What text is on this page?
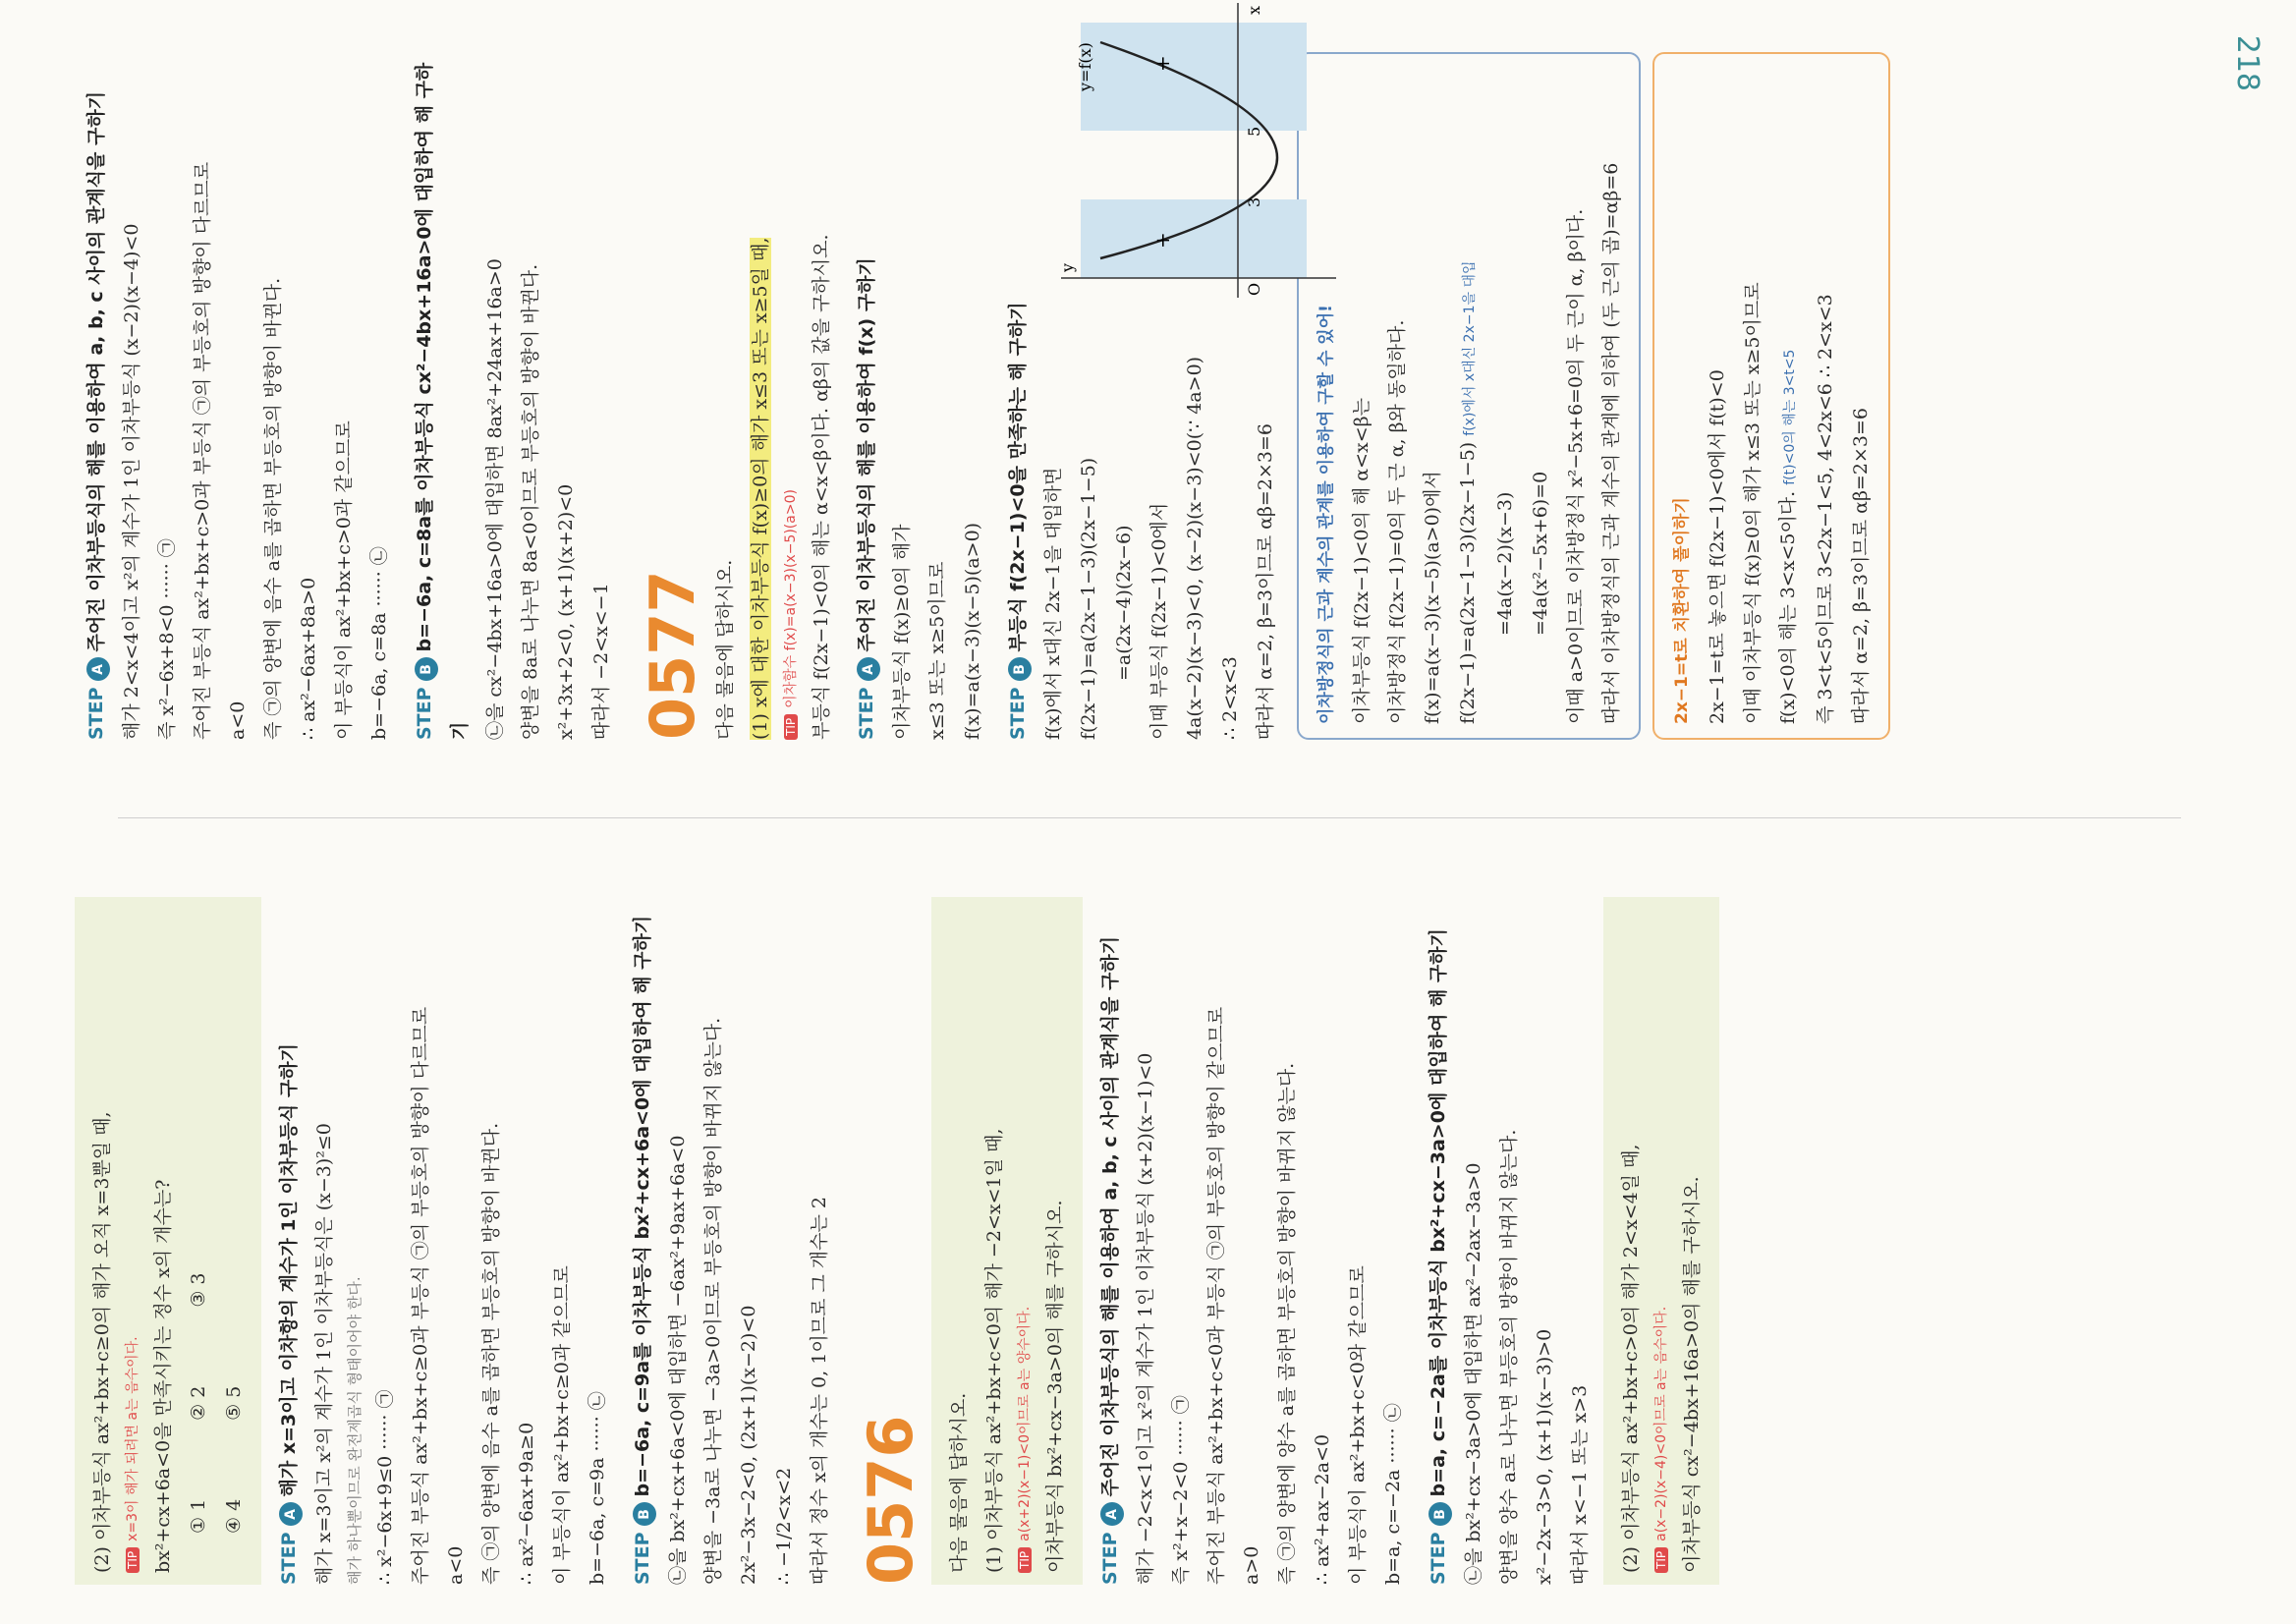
218
(2) 이차부등식 ax²+bx+c≥0의 해가 오직 x=3뿐일 때,	TIPx=3이 해가 되려면 a는 음수이다. bx²+cx+6a<0을 만족시키는 정수 x의 개수는? ① 1
② 2
③ 3
④ 4
⑤ 5
STEPA해가 x=3이고 이차항의 계수가 1인 이차부등식 구하기 해가 x=3이고 x²의 계수가 1인 이차부등식은 (x−3)²≤0 해가 하나뿐이므로 완전제곱식 형태이어야 한다. ∴ x²−6x+9≤0 ······ ㉠ 주어진 부등식 ax²+bx+c≥0과 부등식 ㉠의 부등호의 방향이 다르므로 a<0 즉 ㉠의 양변에 음수 a를 곱하면 부등호의 방향이 바뀐다. ∴ ax²−6ax+9a≥0 이 부등식이 ax²+bx+c≥0과 같으므로 b=−6a, c=9a ······ ㉡	STEPBb=−6a, c=9a를 이차부등식 bx²+cx+6a<0에 대입하여 해 구하기 ㉡을 bx²+cx+6a<0에 대입하면 −6ax²+9ax+6a<0 양변을 −3a로 나누면 −3a>0이므로 부등호의 방향이 바뀌지 않는다. 2x²−3x−2<0, (2x+1)(x−2)<0 ∴ −1/2<x<2 따라서 정수 x의 개수는 0, 1이므로 그 개수는 2 0576	다음 물음에 답하시오. (1) 이차부등식 ax²+bx+c<0의 해가 −2<x<1일 때,	TIPa(x+2)(x−1)<0이므로 a는 양수이다. 이차부등식 bx²+cx−3a>0의 해를 구하시오.	STEPA주어진 이차부등식의 해를 이용하여 a, b, c 사이의 관계식을 구하기 해가 −2<x<1이고 x²의 계수가 1인 이차부등식 (x+2)(x−1)<0 즉 x²+x−2<0 ······ ㉠ 주어진 부등식 ax²+bx+c<0과 부등식 ㉠의 부등호의 방향이 같으므로 a>0 즉 ㉠의 양변에 양수 a를 곱하면 부등호의 방향이 바뀌지 않는다. ∴ ax²+ax−2a<0 이 부등식이 ax²+bx+c<0와 같으므로 b=a, c=−2a ······ ㉡	STEPBb=a, c=−2a를 이차부등식 bx²+cx−3a>0에 대입하여 해 구하기 ㉡을 bx²+cx−3a>0에 대입하면 ax²−2ax−3a>0 양변을 양수 a로 나누면 부등호의 방향이 바뀌지 않는다. x²−2x−3>0, (x+1)(x−3)>0 따라서 x<−1 또는 x>3	(2) 이차부등식 ax²+bx+c>0의 해가 2<x<4일 때,	TIPa(x−2)(x−4)<0이므로 a는 음수이다. 이차부등식 cx²−4bx+16a>0의 해를 구하시오.
STEPA주어진 이차부등식의 해를 이용하여 a, b, c 사이의 관계식을 구하기 해가 2<x<4이고 x²의 계수가 1인 이차부등식 (x−2)(x−4)<0 즉 x²−6x+8<0 ······ ㉠ 주어진 부등식 ax²+bx+c>0과 부등식 ㉠의 부등호의 방향이 다르므로 a<0 즉 ㉠의 양변에 음수 a를 곱하면 부등호의 방향이 바뀐다. ∴ ax²−6ax+8a>0 이 부등식이 ax²+bx+c>0과 같으므로 b=−6a, c=8a ······ ㉡	STEPBb=−6a, c=8a를 이차부등식 cx²−4bx+16a>0에 대입하여 해 구하기 ㉡을 cx²−4bx+16a>0에 대입하면 8ax²+24ax+16a>0 양변을 8a로 나누면 8a<0이므로 부등호의 방향이 바뀐다. x²+3x+2<0, (x+1)(x+2)<0 따라서 −2<x<−1 0577 다음 물음에 답하시오. (1) x에 대한 이차부등식 f(x)≥0의 해가 x≤3 또는 x≥5일 때,	TIP이차함수 f(x)=a(x−3)(x−5)(a>0) 부등식 f(2x−1)<0의 해는 α<x<β이다. αβ의 값을 구하시오.	STEPA주어진 이차부등식의 해를 이용하여 f(x) 구하기 이차부등식 f(x)≥0의 해가 x≤3 또는 x≥5이므로 f(x)=a(x−3)(x−5)(a>0)	STEPB부등식 f(2x−1)<0을 만족하는 해 구하기 f(x)에서 x대신 2x−1을 대입하면 f(2x−1)=a(2x−1−3)(2x−1−5) =a(2x−4)(2x−6) 이때 부등식 f(2x−1)<0에서 4a(x−2)(x−3)<0, (x−2)(x−3)<0(∵ 4a>0) ∴ 2<x<3 따라서 α=2, β=3이므로 αβ=2×3=6	이차방정식의 근과 계수의 관계를 이용하여 구할 수 있어! 이차부등식 f(2x−1)<0의 해 α<x<β는 이차방정식 f(2x−1)=0의 두 근 α, β와 동일하다. f(x)=a(x−3)(x−5)(a>0)에서 f(2x−1)=a(2x−1−3)(2x−1−5) f(x)에서 x대신 2x−1을 대입
=4a(x−2)(x−3) =4a(x²−5x+6)=0 이때 a>0이므로 이차방정식 x²−5x+6=0의 두 근이 α, β이다. 따라서 이차방정식의 근과 계수의 관계에 의하여 (두 근의 곱)=αβ=6	2x−1=t로 치환하여 풀이하기 2x−1=t로 놓으면 f(2x−1)<0에서 f(t)<0 이때 이차부등식 f(x)≥0의 해가 x≤3 또는 x≥5이므로 f(x)<0의 해는 3<x<5이다. f(t)<0의 해는 3<t<5 즉 3<t<5이므로 3<2x−1<5, 4<2x<6 ∴ 2<x<3 따라서 α=2, β=3이므로 αβ=2×3=6
y
y=f(x)
x
O
3
5
+
+
